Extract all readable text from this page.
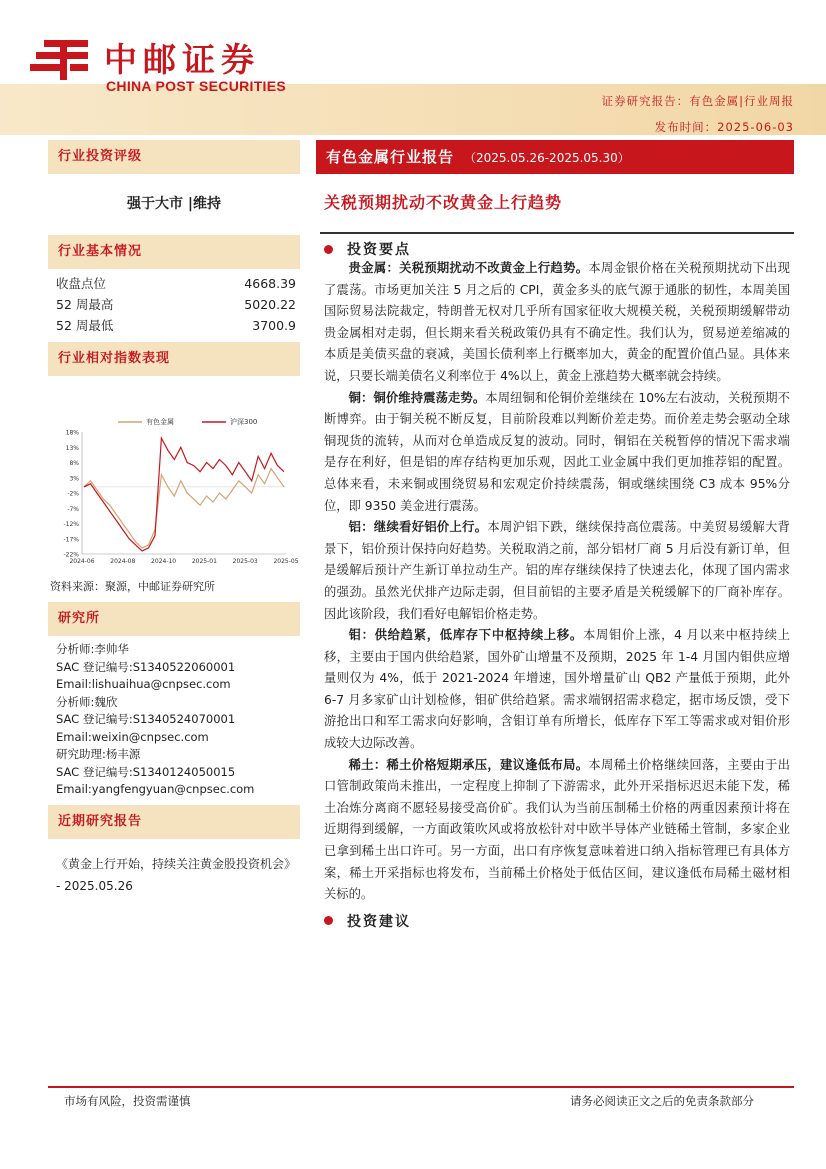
中邮证券
CHINA POST SECURITIES
证券研究报告：有色金属|行业周报
发布时间：2025-06-03
行业投资评级
强于大市 |维持
行业基本情况
收盘点位	4668.39
52 周最高	5020.22
52 周最低	3700.9
行业相对指数表现
18%
13%
8%
3%
-2%
-7%
-12%
-17%
-22%
2024-06	2024-08	2024-10	2025-01	2025-03	2025-05
有色金属	沪深300
资料来源：聚源，中邮证券研究所
研究所
分析师:李帅华
SAC 登记编号:S1340522060001
Email:lishuaihua@cnpsec.com
分析师:魏欣
SAC 登记编号:S1340524070001
Email:weixin@cnpsec.com
研究助理:杨丰源
SAC 登记编号:S1340124050015
Email:yangfengyuan@cnpsec.com
近期研究报告
《黄金上行开始，持续关注黄金股投资机会》 - 2025.05.26
有色金属行业报告 （2025.05.26-2025.05.30）
关税预期扰动不改黄金上行趋势
投资要点

贵金属：关税预期扰动不改黄金上行趋势。本周金银价格在关税预期扰动下出现了震荡。市场更加关注 5 月之后的 CPI，黄金多头的底气源于通胀的韧性，本周美国国际贸易法院裁定，特朗普无权对几乎所有国家征收大规模关税，关税预期缓解带动贵金属相对走弱，但长期来看关税政策仍具有不确定性。我们认为，贸易逆差缩减的本质是美债买盘的衰减，美国长债利率上行概率加大，黄金的配置价值凸显。具体来说，只要长端美债名义利率位于 4%以上，黄金上涨趋势大概率就会持续。

铜：铜价维持震荡走势。本周纽铜和伦铜价差继续在 10%左右波动，关税预期不断博弈。由于铜关税不断反复，目前阶段难以判断价差走势。而价差走势会驱动全球铜现货的流转，从而对仓单造成反复的波动。同时，铜铝在关税暂停的情况下需求端是存在利好，但是铝的库存结构更加乐观，因此工业金属中我们更加推荐铝的配置。总体来看，未来铜或围绕贸易和宏观定价持续震荡，铜或继续围绕 C3 成本 95%分位，即 9350 美金进行震荡。

铝：继续看好铝价上行。本周沪铝下跌，继续保持高位震荡。中美贸易缓解大背景下，铝价预计保持向好趋势。关税取消之前，部分铝材厂商 5 月后没有新订单，但是缓解后预计产生新订单拉动生产。铝的库存继续保持了快速去化，体现了国内需求的强劲。虽然光伏排产边际走弱，但目前铝的主要矛盾是关税缓解下的厂商补库存。因此该阶段，我们看好电解铝价格走势。

钼：供给趋紧，低库存下中枢持续上移。本周钼价上涨，4 月以来中枢持续上移，主要由于国内供给趋紧，国外矿山增量不及预期，2025 年 1-4 月国内钼供应增量则仅为 4%，低于 2021-2024 年增速，国外增量矿山 QB2 产量低于预期，此外 6-7 月多家矿山计划检修，钼矿供给趋紧。需求端钢招需求稳定，据市场反馈，受下游抢出口和军工需求向好影响，含钼订单有所增长，低库存下军工等需求或对钼价形成较大边际改善。

稀土：稀土价格短期承压，建议逢低布局。本周稀土价格继续回落，主要由于出口管制政策尚未推出，一定程度上抑制了下游需求，此外开采指标迟迟未能下发，稀土冶炼分离商不愿轻易接受高价矿。我们认为当前压制稀土价格的两重因素预计将在近期得到缓解，一方面政策吹风或将放松针对中欧半导体产业链稀土管制，多家企业已拿到稀土出口许可。另一方面，出口有序恢复意味着进口纳入指标管理已有具体方案，稀土开采指标也将发布，当前稀土价格处于低估区间，建议逢低布局稀土磁材相关标的。

投资建议
市场有风险，投资需谨慎	请务必阅读正文之后的免责条款部分
